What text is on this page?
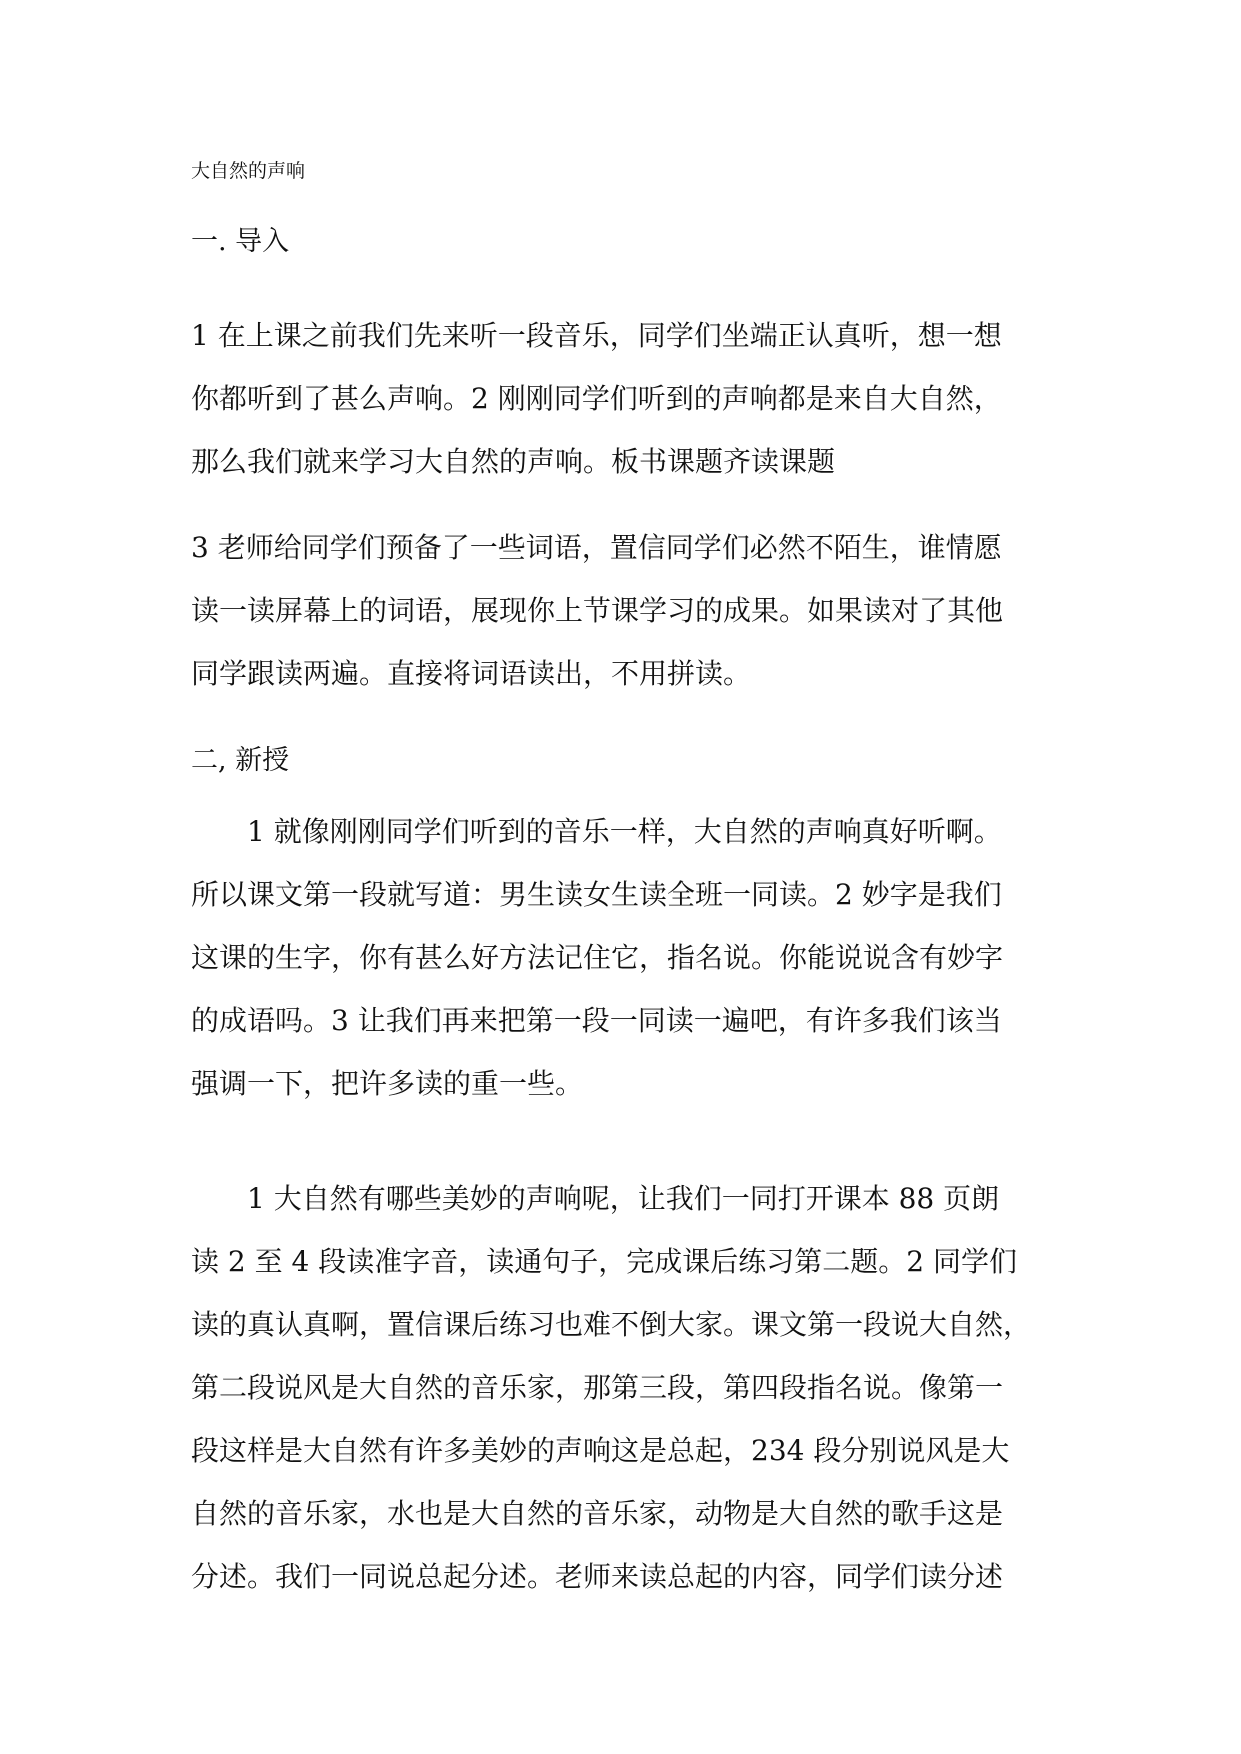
大自然的声响
一. 导入
1 在上课之前我们先来听一段音乐，同学们坐端正认真听，想一想
你都听到了甚么声响。2 刚刚同学们听到的声响都是来自大自然，
那么我们就来学习大自然的声响。板书课题齐读课题
3 老师给同学们预备了一些词语，置信同学们必然不陌生，谁情愿
读一读屏幕上的词语，展现你上节课学习的成果。如果读对了其他
同学跟读两遍。直接将词语读出，不用拼读。
二, 新授
1 就像刚刚同学们听到的音乐一样，大自然的声响真好听啊。
所以课文第一段就写道：男生读女生读全班一同读。2 妙字是我们
这课的生字，你有甚么好方法记住它，指名说。你能说说含有妙字
的成语吗。3 让我们再来把第一段一同读一遍吧，有许多我们该当
强调一下，把许多读的重一些。
1 大自然有哪些美妙的声响呢，让我们一同打开课本 88 页朗
读 2 至 4 段读准字音，读通句子，完成课后练习第二题。2 同学们
读的真认真啊，置信课后练习也难不倒大家。课文第一段说大自然，
第二段说风是大自然的音乐家，那第三段，第四段指名说。像第一
段这样是大自然有许多美妙的声响这是总起，234 段分别说风是大
自然的音乐家，水也是大自然的音乐家，动物是大自然的歌手这是
分述。我们一同说总起分述。老师来读总起的内容，同学们读分述
